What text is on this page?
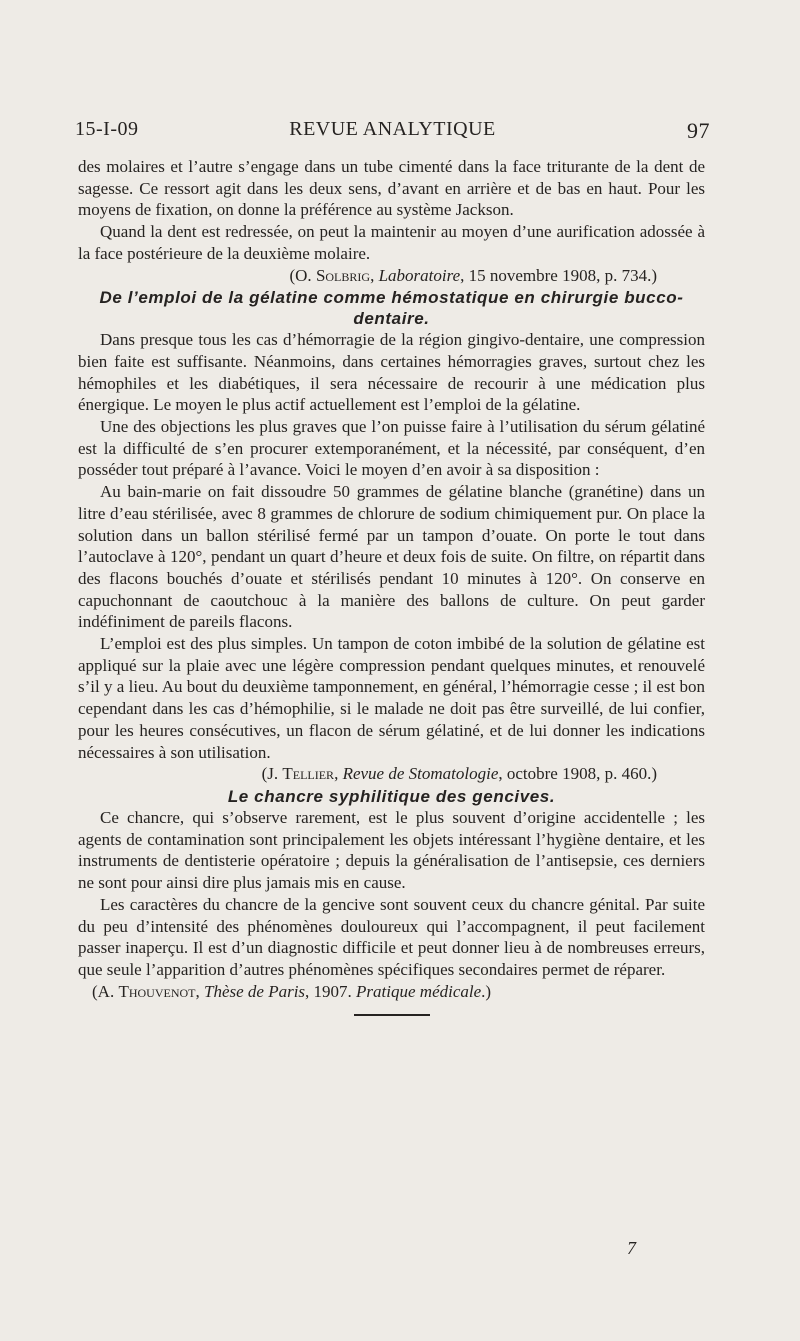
15-I-09	REVUE ANALYTIQUE	97

des molaires et l’autre s’engage dans un tube cimenté dans la face triturante de la dent de sagesse. Ce ressort agit dans les deux sens, d’avant en arrière et de bas en haut. Pour les moyens de fixation, on donne la préférence au système Jackson.

Quand la dent est redressée, on peut la maintenir au moyen d’une aurification adossée à la face postérieure de la deuxième molaire.

(O. Solbrig, Laboratoire, 15 novembre 1908, p. 734.)

De l’emploi de la gélatine comme hémostatique en chirurgie bucco-dentaire.

Dans presque tous les cas d’hémorragie de la région gingivo-dentaire, une compression bien faite est suffisante. Néanmoins, dans certaines hémorragies graves, surtout chez les hémophiles et les diabétiques, il sera nécessaire de recourir à une médication plus énergique. Le moyen le plus actif actuellement est l’emploi de la gélatine.

Une des objections les plus graves que l’on puisse faire à l’utilisation du sérum gélatiné est la difficulté de s’en procurer extemporanément, et la nécessité, par conséquent, d’en posséder tout préparé à l’avance. Voici le moyen d’en avoir à sa disposition :

Au bain-marie on fait dissoudre 50 grammes de gélatine blanche (granétine) dans un litre d’eau stérilisée, avec 8 grammes de chlorure de sodium chimiquement pur. On place la solution dans un ballon stérilisé fermé par un tampon d’ouate. On porte le tout dans l’autoclave à 120°, pendant un quart d’heure et deux fois de suite. On filtre, on répartit dans des flacons bouchés d’ouate et stérilisés pendant 10 minutes à 120°. On conserve en capuchonnant de caoutchouc à la manière des ballons de culture. On peut garder indéfiniment de pareils flacons.

L’emploi est des plus simples. Un tampon de coton imbibé de la solution de gélatine est appliqué sur la plaie avec une légère compression pendant quelques minutes, et renouvelé s’il y a lieu. Au bout du deuxième tamponnement, en général, l’hémorragie cesse ; il est bon cependant dans les cas d’hémophilie, si le malade ne doit pas être surveillé, de lui confier, pour les heures consécutives, un flacon de sérum gélatiné, et de lui donner les indications nécessaires à son utilisation.

(J. Tellier, Revue de Stomatologie, octobre 1908, p. 460.)

Le chancre syphilitique des gencives.

Ce chancre, qui s’observe rarement, est le plus souvent d’origine accidentelle ; les agents de contamination sont principalement les objets intéressant l’hygiène dentaire, et les instruments de dentisterie opératoire ; depuis la généralisation de l’antisepsie, ces derniers ne sont pour ainsi dire plus jamais mis en cause.

Les caractères du chancre de la gencive sont souvent ceux du chancre génital. Par suite du peu d’intensité des phénomènes douloureux qui l’accompagnent, il peut facilement passer inaperçu. Il est d’un diagnostic difficile et peut donner lieu à de nombreuses erreurs, que seule l’apparition d’autres phénomènes spécifiques secondaires permet de réparer.

(A. Thouvenot, Thèse de Paris, 1907. Pratique médicale.)

7
